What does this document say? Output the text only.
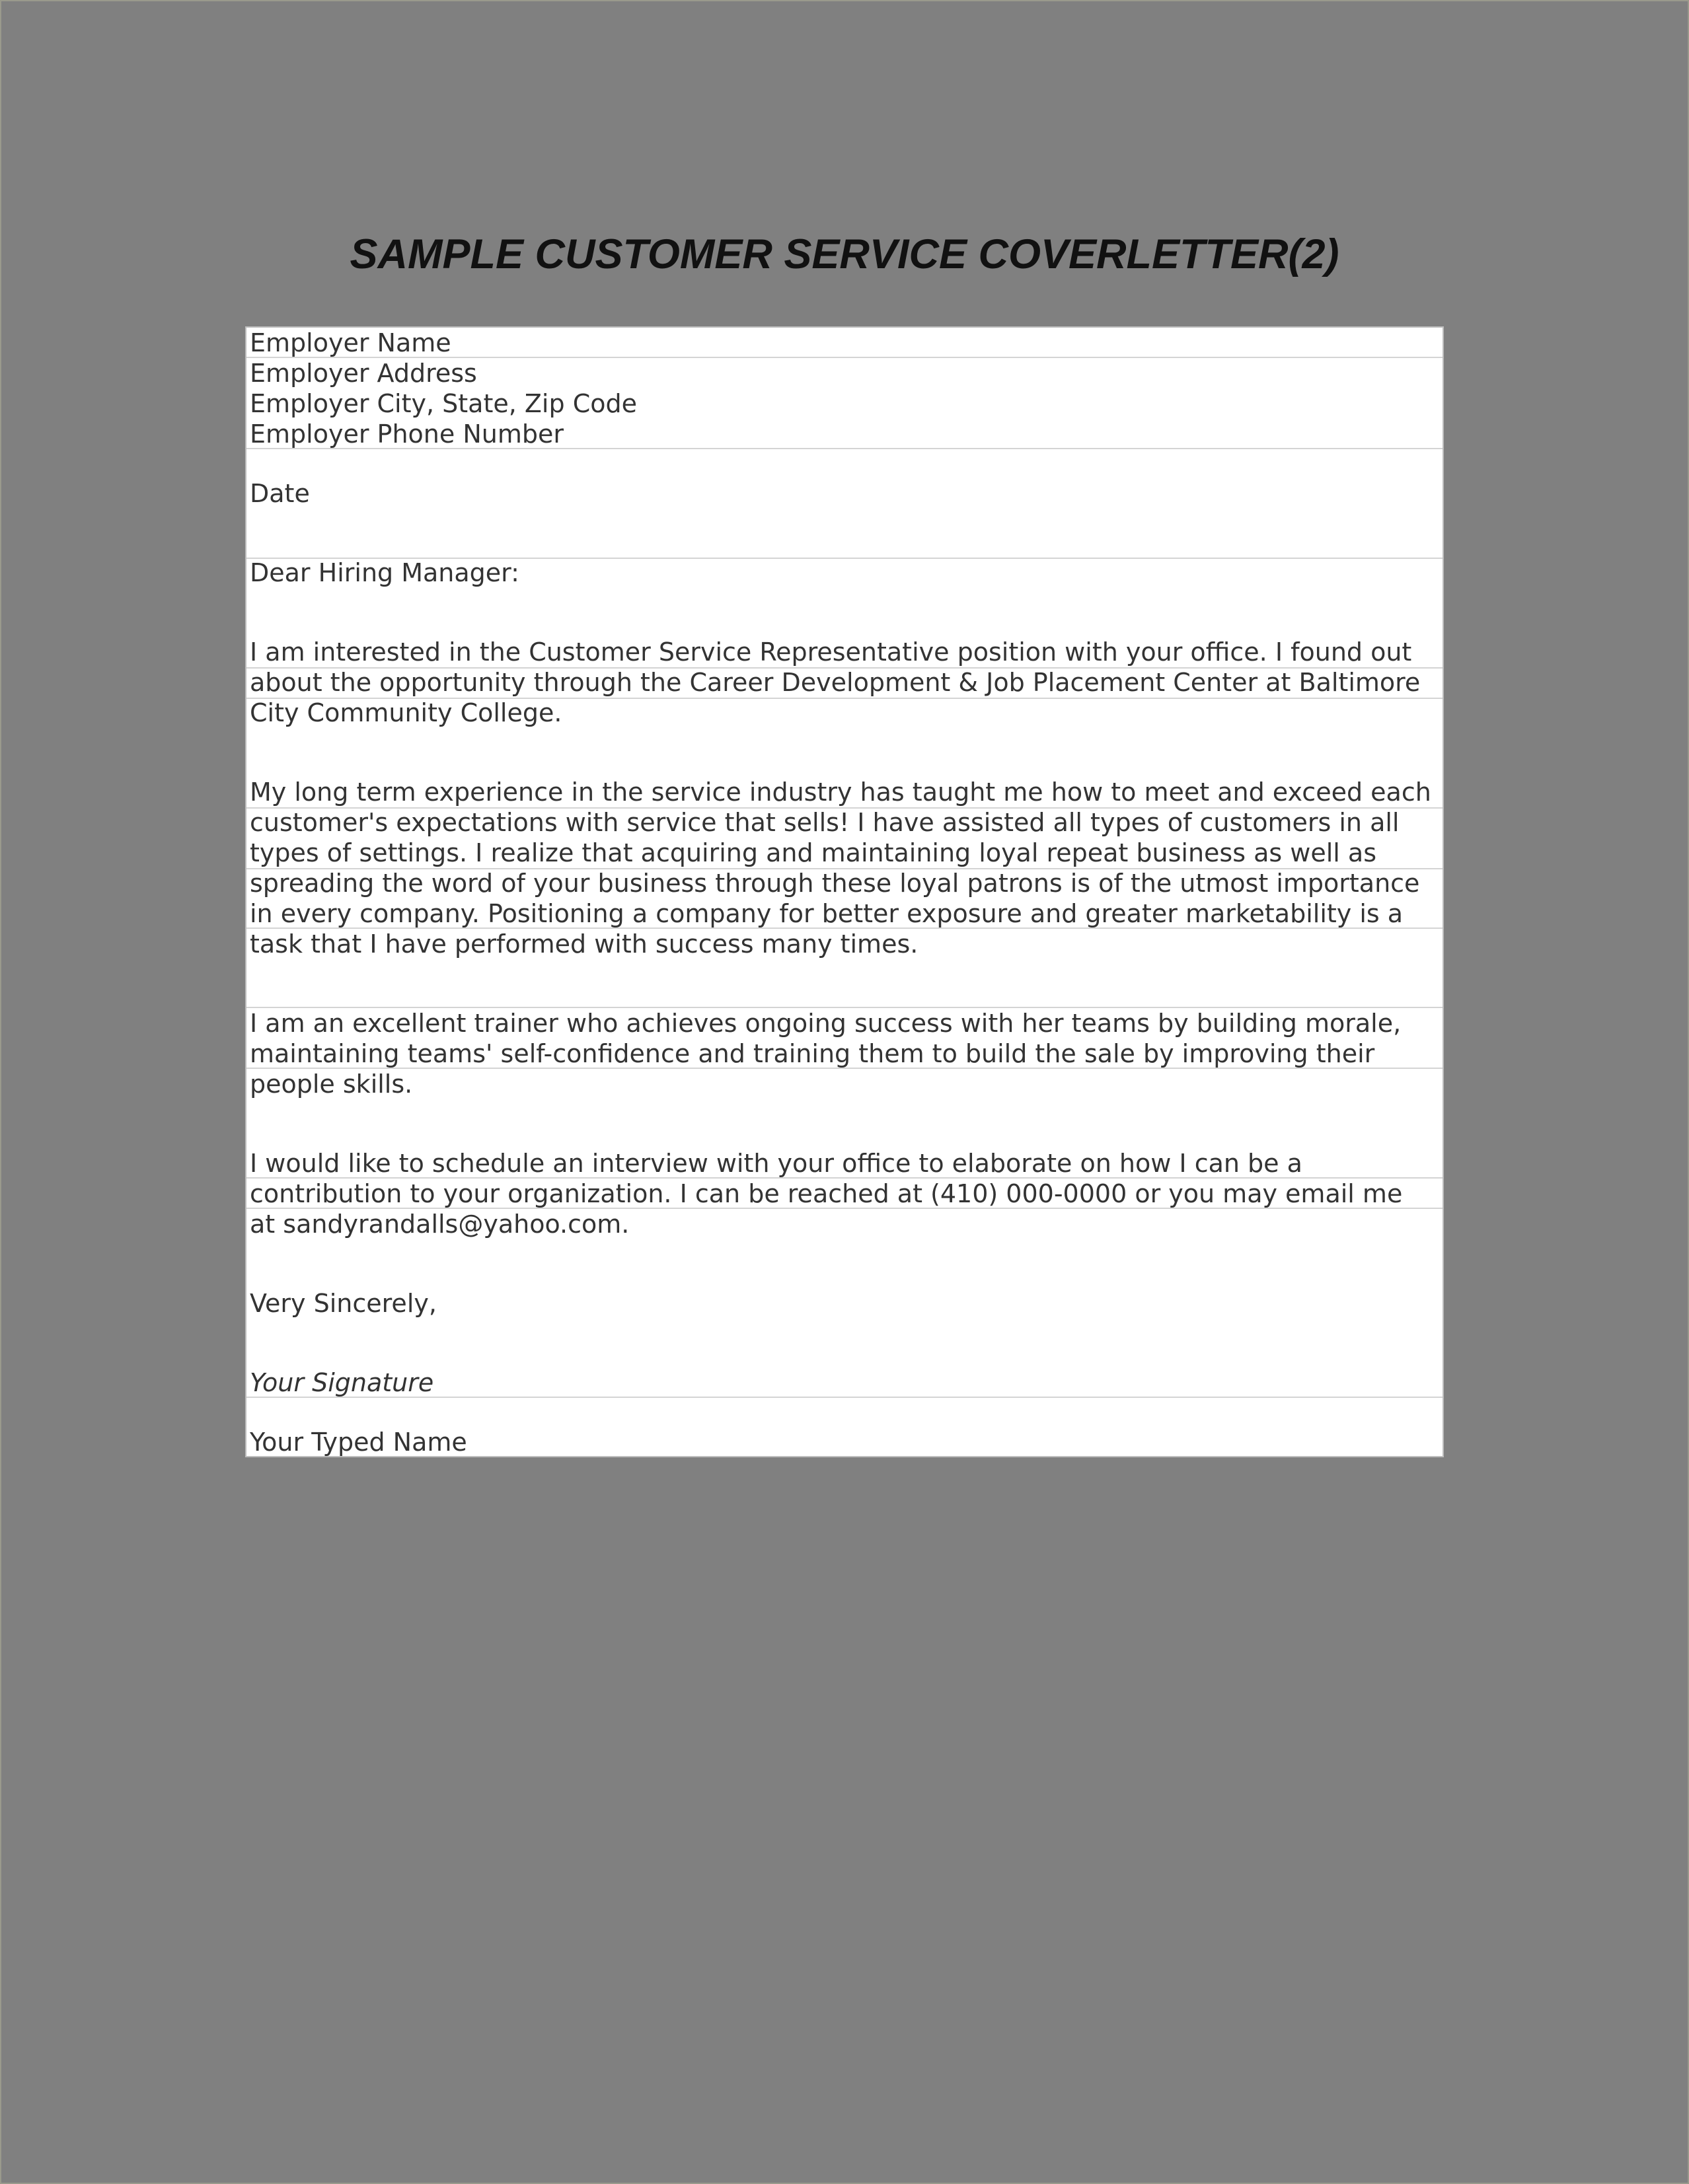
SAMPLE CUSTOMER SERVICE COVERLETTER(2)
Employer Name
Employer Address
Employer City, State, Zip Code
Employer Phone Number
Date
Dear Hiring Manager:
I am interested in the Customer Service Representative position with your office. I found out
about the opportunity through the Career Development & Job Placement Center at Baltimore
City Community College.
My long term experience in the service industry has taught me how to meet and exceed each
customer's expectations with service that sells! I have assisted all types of customers in all
types of settings. I realize that acquiring and maintaining loyal repeat business as well as
spreading the word of your business through these loyal patrons is of the utmost importance
in every company. Positioning a company for better exposure and greater marketability is a
task that I have performed with success many times.
I am an excellent trainer who achieves ongoing success with her teams by building morale,
maintaining teams' self-confidence and training them to build the sale by improving their
people skills.
I would like to schedule an interview with your office to elaborate on how I can be a
contribution to your organization. I can be reached at (410) 000-0000 or you may email me
at sandyrandalls@yahoo.com.
Very Sincerely,
Your Signature
Your Typed Name
